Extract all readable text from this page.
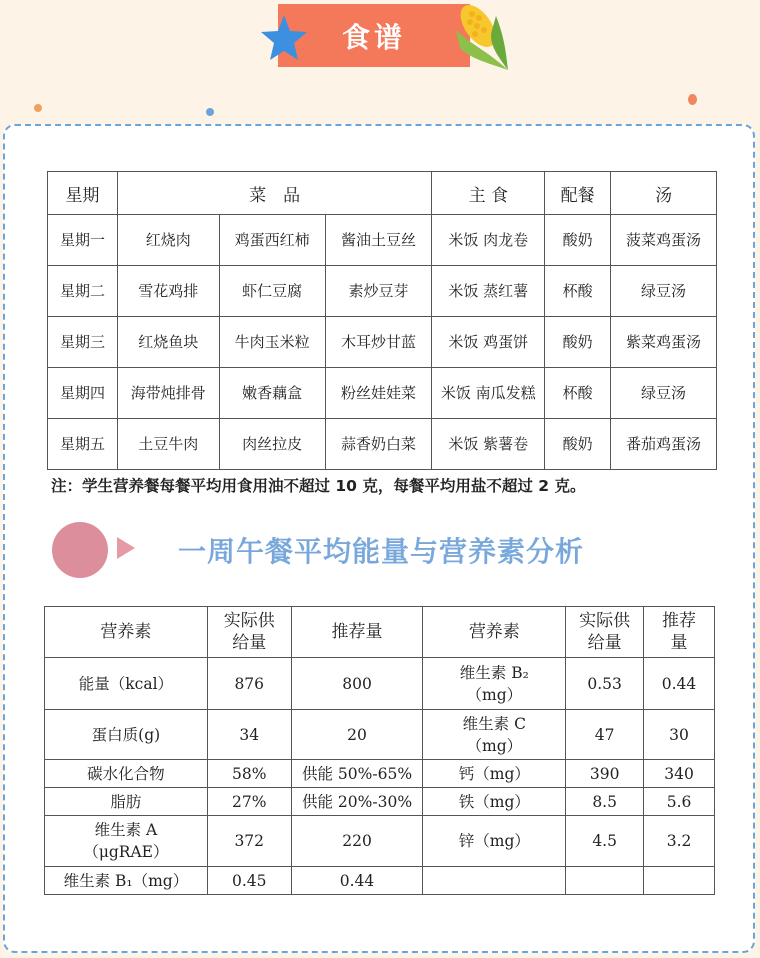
食谱
星期	菜　品			主 食	配餐	汤
星期一	红烧肉	鸡蛋西红柿	酱油土豆丝	米饭 肉龙卷	酸奶	菠菜鸡蛋汤
星期二	雪花鸡排	虾仁豆腐	素炒豆芽	米饭 蒸红薯	杯酸	绿豆汤
星期三	红烧鱼块	牛肉玉米粒	木耳炒甘蓝	米饭 鸡蛋饼	酸奶	紫菜鸡蛋汤
星期四	海带炖排骨	嫩香藕盒	粉丝娃娃菜	米饭 南瓜发糕	杯酸	绿豆汤
星期五	土豆牛肉	肉丝拉皮	蒜香奶白菜	米饭 紫薯卷	酸奶	番茄鸡蛋汤
注：学生营养餐每餐平均用食用油不超过 10 克，每餐平均用盐不超过 2 克。
一周午餐平均能量与营养素分析
营养素	实际供给量	推荐量	营养素	实际供给量	推荐量
能量（kcal）	876	800	维生素 B₂（mg）	0.53	0.44
蛋白质(g)	34	20	维生素 C（mg）	47	30
碳水化合物	58%	供能 50%-65%	钙（mg）	390	340
脂肪	27%	供能 20%-30%	铁（mg）	8.5	5.6
维生素 A（μgRAE）	372	220	锌（mg）	4.5	3.2
维生素 B₁（mg）	0.45	0.44			
